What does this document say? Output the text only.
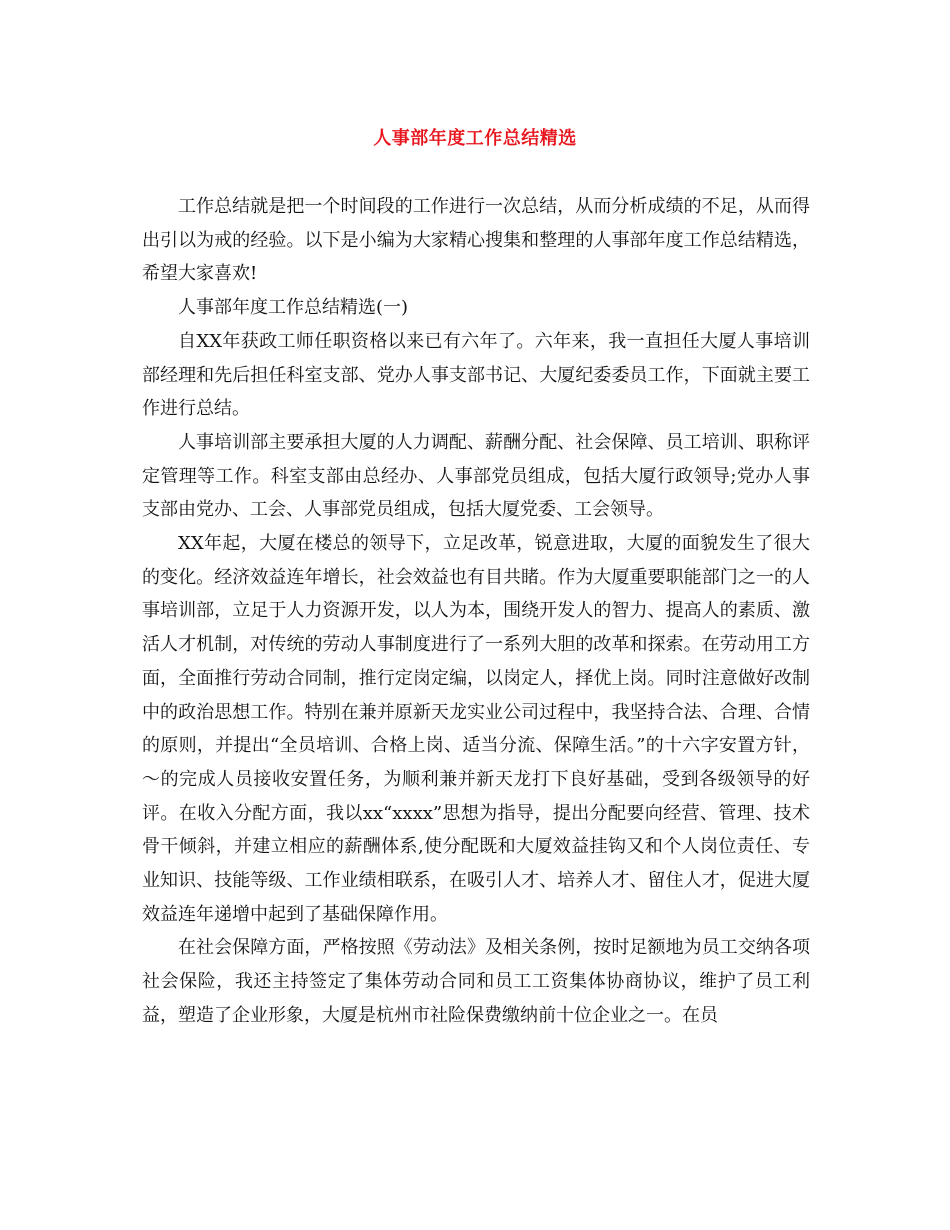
人事部年度工作总结精选

工作总结就是把一个时间段的工作进行一次总结，从而分析成绩的不足，从而得出引以为戒的经验。以下是小编为大家精心搜集和整理的人事部年度工作总结精选，希望大家喜欢!

人事部年度工作总结精选(一)

自XX年获政工师任职资格以来已有六年了。六年来，我一直担任大厦人事培训部经理和先后担任科室支部、党办人事支部书记、大厦纪委委员工作，下面就主要工作进行总结。

人事培训部主要承担大厦的人力调配、薪酬分配、社会保障、员工培训、职称评定管理等工作。科室支部由总经办、人事部党员组成，包括大厦行政领导;党办人事支部由党办、工会、人事部党员组成，包括大厦党委、工会领导。

XX年起，大厦在楼总的领导下，立足改革，锐意进取，大厦的面貌发生了很大的变化。经济效益连年增长，社会效益也有目共睹。作为大厦重要职能部门之一的人事培训部，立足于人力资源开发，以人为本，围绕开发人的智力、提高人的素质、激活人才机制，对传统的劳动人事制度进行了一系列大胆的改革和探索。在劳动用工方面，全面推行劳动合同制，推行定岗定编，以岗定人，择优上岗。同时注意做好改制中的政治思想工作。特别在兼并原新天龙实业公司过程中，我坚持合法、合理、合情的原则，并提出“全员培训、合格上岗、适当分流、保障生活。”的十六字安置方针，～的完成人员接收安置任务，为顺利兼并新天龙打下良好基础，受到各级领导的好评。在收入分配方面，我以xx“xxxx”思想为指导，提出分配要向经营、管理、技术骨干倾斜，并建立相应的薪酬体系,使分配既和大厦效益挂钩又和个人岗位责任、专业知识、技能等级、工作业绩相联系，在吸引人才、培养人才、留住人才，促进大厦效益连年递增中起到了基础保障作用。

在社会保障方面，严格按照《劳动法》及相关条例，按时足额地为员工交纳各项社会保险，我还主持签定了集体劳动合同和员工工资集体协商协议，维护了员工利益，塑造了企业形象，大厦是杭州市社险保费缴纳前十位企业之一。在员
